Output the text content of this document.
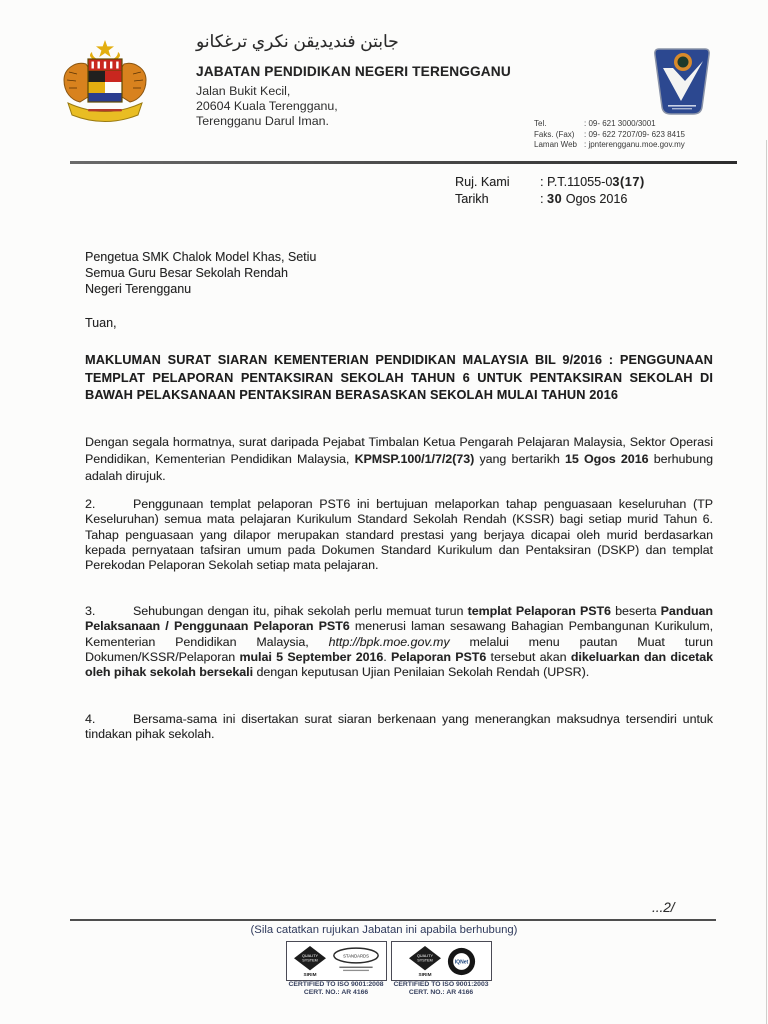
جابتن فنديديقن نكري ترغكانو
JABATAN PENDIDIKAN NEGERI TERENGGANU
Jalan Bukit Kecil,
20604 Kuala Terengganu,
Terengganu Darul Iman.	Tel.	: 09- 621 3000/3001
Faks. (Fax) : 09- 622 7207/09- 623 8415
Laman Web : jpnterengganu.moe.gov.my
Ruj. Kami : P.T.11055-03(17)
Tarikh	: 30 Ogos 2016
Pengetua SMK Chalok Model Khas, Setiu
Semua Guru Besar Sekolah Rendah
Negeri Terengganu
Tuan,
MAKLUMAN SURAT SIARAN KEMENTERIAN PENDIDIKAN MALAYSIA BIL 9/2016 : PENGGUNAAN TEMPLAT PELAPORAN PENTAKSIRAN SEKOLAH TAHUN 6 UNTUK PENTAKSIRAN SEKOLAH DI BAWAH PELAKSANAAN PENTAKSIRAN BERASASKAN SEKOLAH MULAI TAHUN 2016
Dengan segala hormatnya, surat daripada Pejabat Timbalan Ketua Pengarah Pelajaran Malaysia, Sektor Operasi Pendidikan, Kementerian Pendidikan Malaysia, KPMSP.100/1/7/2(73) yang bertarikh 15 Ogos 2016 berhubung adalah dirujuk.
2.	Penggunaan templat pelaporan PST6 ini bertujuan melaporkan tahap penguasaan keseluruhan (TP Keseluruhan) semua mata pelajaran Kurikulum Standard Sekolah Rendah (KSSR) bagi setiap murid Tahun 6. Tahap penguasaan yang dilapor merupakan standard prestasi yang berjaya dicapai oleh murid berdasarkan kepada pernyataan tafsiran umum pada Dokumen Standard Kurikulum dan Pentaksiran (DSKP) dan templat Perekodan Pelaporan Sekolah setiap mata pelajaran.
3.	Sehubungan dengan itu, pihak sekolah perlu memuat turun templat Pelaporan PST6 beserta Panduan Pelaksanaan / Penggunaan Pelaporan PST6 menerusi laman sesawang Bahagian Pembangunan Kurikulum, Kementerian Pendidikan Malaysia, http://bpk.moe.gov.my melalui menu pautan Muat turun Dokumen/KSSR/Pelaporan mulai 5 September 2016. Pelaporan PST6 tersebut akan dikeluarkan dan dicetak oleh pihak sekolah bersekali dengan keputusan Ujian Penilaian Sekolah Rendah (UPSR).
4.	Bersama-sama ini disertakan surat siaran berkenaan yang menerangkan maksudnya tersendiri untuk tindakan pihak sekolah.
...2/
(Sila catatkan rujukan Jabatan ini apabila berhubung)
QUALITY
SYSTEM
SIRIM
STANDARDS	QUALITY
SYSTEM
SIRIM
IQNet
CERTIFIED TO ISO 9001:2008
CERT. NO.: AR 4166
CERTIFIED TO ISO 9001:2003
CERT. NO.: AR 4166
